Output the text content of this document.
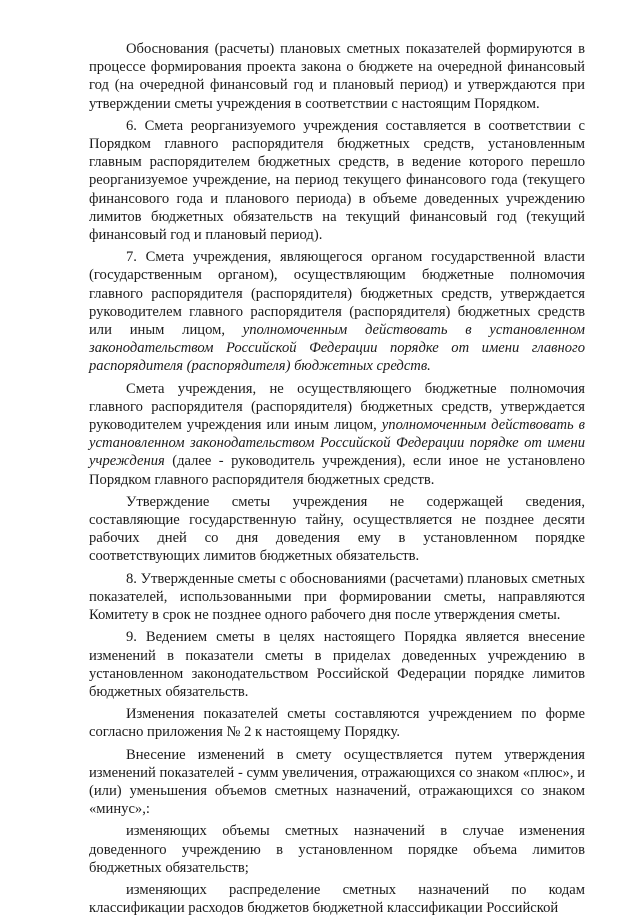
Обоснования (расчеты) плановых сметных показателей формируются в процессе формирования проекта закона о бюджете на очередной финансовый год (на очередной финансовый год и плановый период) и утверждаются при утверждении сметы учреждения в соответствии с настоящим Порядком.

6. Смета реорганизуемого учреждения составляется в соответствии с Порядком главного распорядителя бюджетных средств, установленным главным распорядителем бюджетных средств, в ведение которого перешло реорганизуемое учреждение, на период текущего финансового года (текущего финансового года и планового периода) в объеме доведенных учреждению лимитов бюджетных обязательств на текущий финансовый год (текущий финансовый год и плановый период).

7. Смета учреждения, являющегося органом государственной власти (государственным органом), осуществляющим бюджетные полномочия главного распорядителя (распорядителя) бюджетных средств, утверждается руководителем главного распорядителя (распорядителя) бюджетных средств или иным лицом, уполномоченным действовать в установленном законодательством Российской Федерации порядке от имени главного распорядителя (распорядителя) бюджетных средств.

Смета учреждения, не осуществляющего бюджетные полномочия главного распорядителя (распорядителя) бюджетных средств, утверждается руководителем учреждения или иным лицом, уполномоченным действовать в установленном законодательством Российской Федерации порядке от имени учреждения (далее - руководитель учреждения), если иное не установлено Порядком главного распорядителя бюджетных средств.

Утверждение сметы учреждения не содержащей сведения, составляющие государственную тайну, осуществляется не позднее десяти рабочих дней со дня доведения ему в установленном порядке соответствующих лимитов бюджетных обязательств.

8. Утвержденные сметы с обоснованиями (расчетами) плановых сметных показателей, использованными при формировании сметы, направляются Комитету в срок не позднее одного рабочего дня после утверждения сметы.

9. Ведением сметы в целях настоящего Порядка является внесение изменений в показатели сметы в приделах доведенных учреждению в установленном законодательством Российской Федерации порядке лимитов бюджетных обязательств.

Изменения показателей сметы составляются учреждением по форме согласно приложения № 2 к настоящему Порядку.

Внесение изменений в смету осуществляется путем утверждения изменений показателей - сумм увеличения, отражающихся со знаком «плюс», и (или) уменьшения объемов сметных назначений, отражающихся со знаком «минус»,:

изменяющих объемы сметных назначений в случае изменения доведенного учреждению в установленном порядке объема лимитов бюджетных обязательств;

изменяющих распределение сметных назначений по кодам классификации расходов бюджетов бюджетной классификации Российской
